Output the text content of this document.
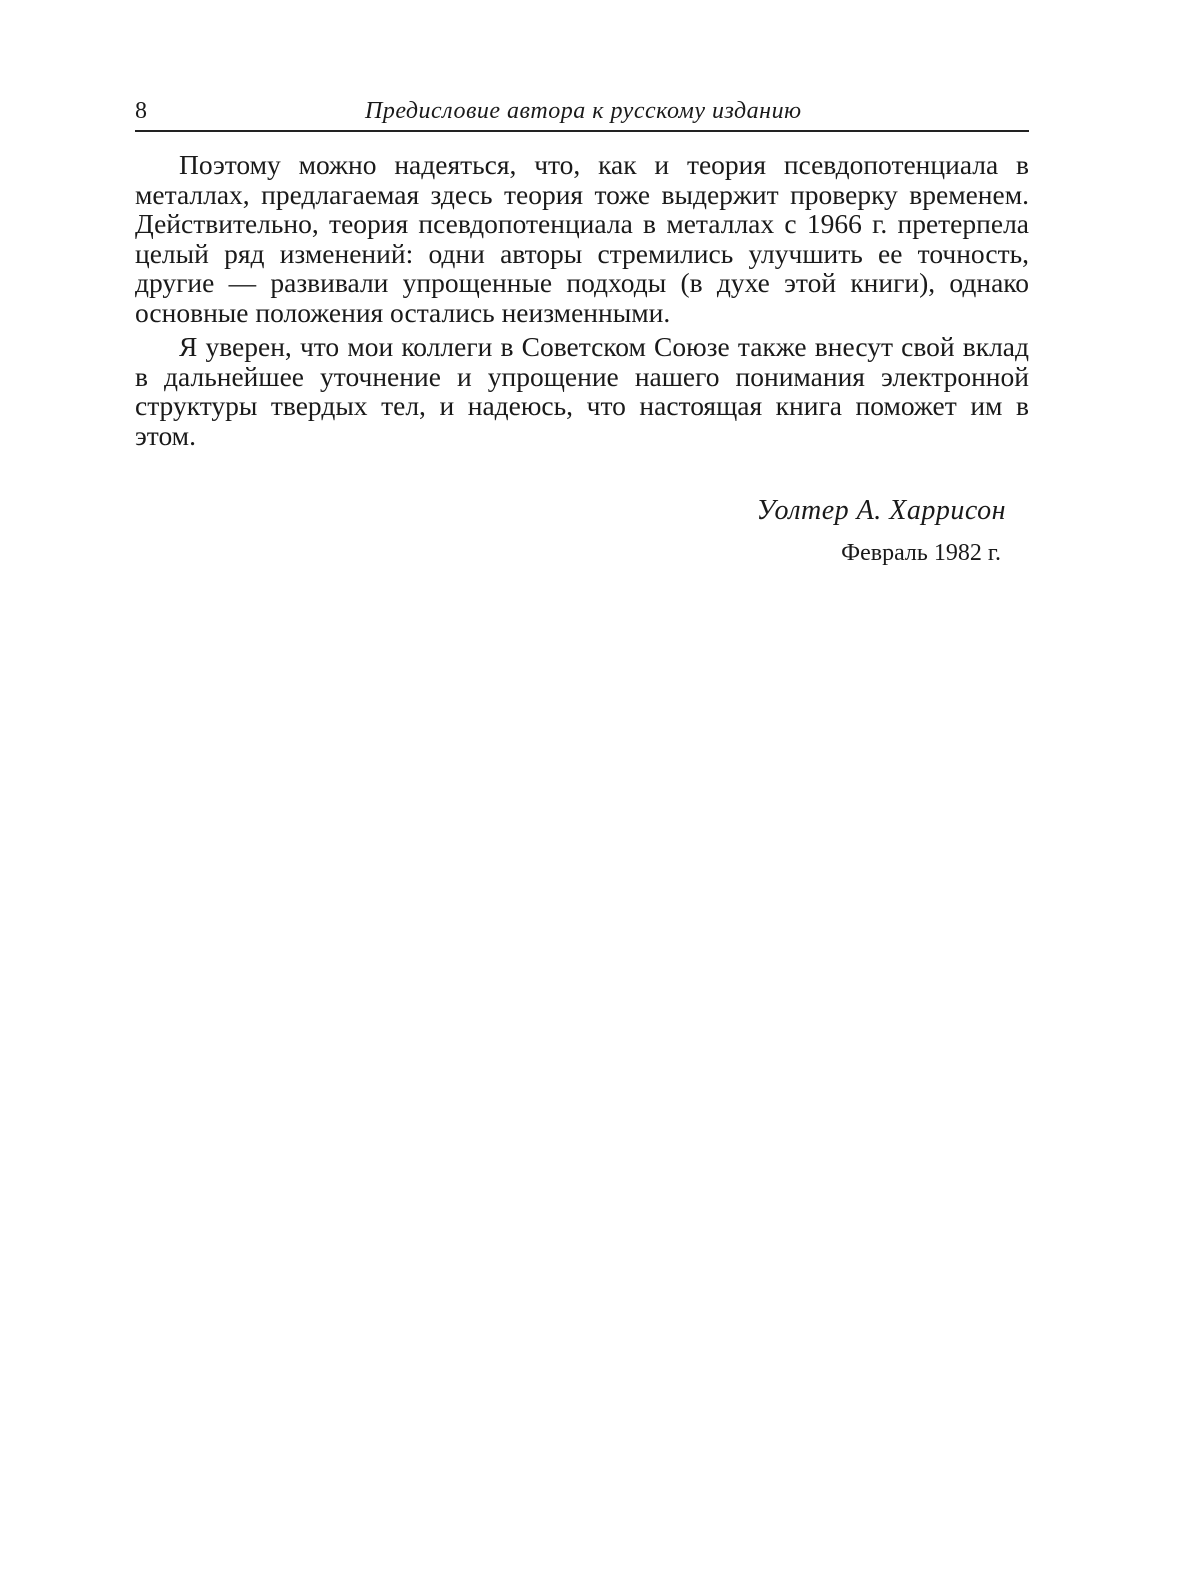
8	Предисловие автора к русскому изданию

Поэтому можно надеяться, что, как и теория псевдопотенциала в металлах, предлагаемая здесь теория тоже выдержит проверку временем. Действительно, теория псевдопотенциала в металлах с 1966 г. претерпела целый ряд изменений: одни авторы стремились улучшить ее точность, другие — развивали упрощенные подходы (в духе этой книги), однако основные положения остались неизменными.

Я уверен, что мои коллеги в Советском Союзе также внесут свой вклад в дальнейшее уточнение и упрощение нашего понимания электронной структуры твердых тел, и надеюсь, что настоящая книга поможет им в этом.

Уолтер А. Харрисон
Февраль 1982 г.
